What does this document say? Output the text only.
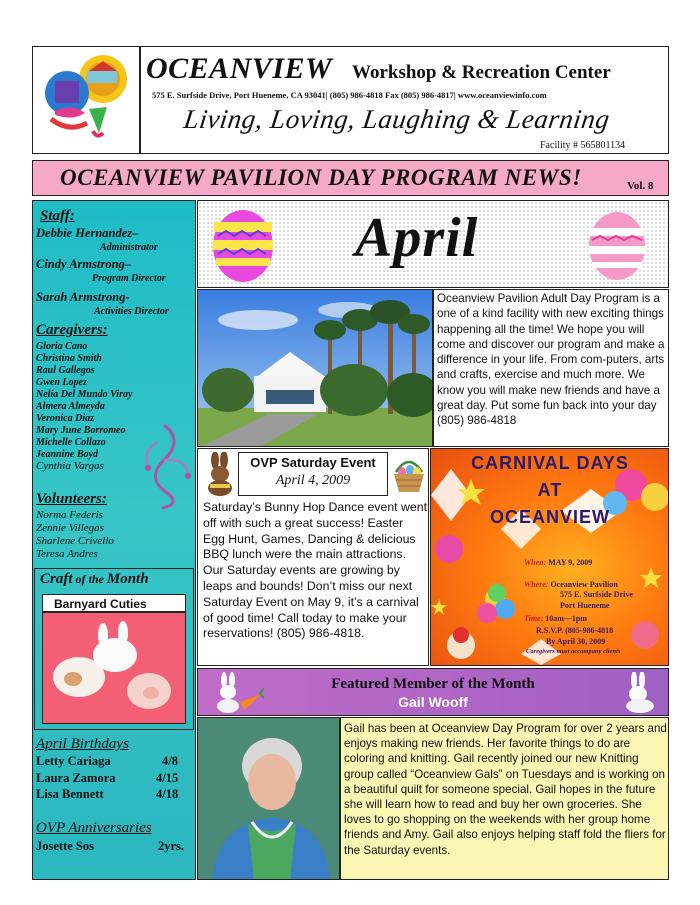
OCEANVIEW Workshop & Recreation Center
575 E. Surfside Drive, Port Hueneme, CA 93041| (805) 986-4818 Fax (805) 986-4817| www.oceanviewinfo.com
Living, Loving, Laughing & Learning
Facility # 565801134
OCEANVIEW PAVILION DAY PROGRAM NEWS!	Vol. 8
Staff:
Debbie Hernandez–
Administrator
Cindy Armstrong–
Program Director
Sarah Armstrong-
Activities Director
Caregivers:
Gloria Cano
Christina Smith
Raul Gallegos
Gwen Lopez
Nelia Del Mundo Viray
Almera Almeyda
Veronica Diaz
Mary June Borromeo
Michelle Collazo
Jeannine Boyd
Cynthia Vargas
Volunteers:
Norma Federis
Zennie Villegas
Sharlene Crivello
Teresa Andres
Craft of the Month
Barnyard Cuties
April Birthdays
Letty Cariaga	4/8
Laura Zamora	4/15
Lisa Bennett	4/18
OVP Anniversaries
Josette Sos	2yrs.
April
Oceanview Pavilion Adult Day Program is a one of a kind facility with new exciting things happening all the time! We hope you will come and discover our program and make a difference in your life. From com-puters, arts and crafts, exercise and much more. We know you will make new friends and have a great day. Put some fun back into your day (805) 986-4818
OVP Saturday Event
April 4, 2009
Saturday’s Bunny Hop Dance event went off with such a great success! Easter Egg Hunt, Games, Dancing & delicious BBQ lunch were the main attractions. Our Saturday events are growing by leaps and bounds! Don’t miss our next Saturday Event on May 9, it’s a carnival of good time! Call today to make your reservations! (805) 986-4818.
CARNIVAL DAYS
AT
OCEANVIEW
When: MAY 9, 2009
Where: Oceanview Pavilion
575 E. Surfside Drive
Port Hueneme
Time: 10am—1pm
R.S.V.P. (805-986-4818
By April 30, 2009
Caregivers must accompany clients
Featured Member of the Month
Gail Wooff
Gail has been at Oceanview Day Program for over 2 years and enjoys making new friends. Her favorite things to do are coloring and knitting. Gail recently joined our new Knitting group called “Oceanview Gals” on Tuesdays and is working on a beautiful quilt for someone special. Gail hopes in the future she will learn how to read and buy her own groceries. She loves to go shopping on the weekends with her group home friends and Amy. Gail also enjoys helping staff fold the fliers for the Saturday events.
